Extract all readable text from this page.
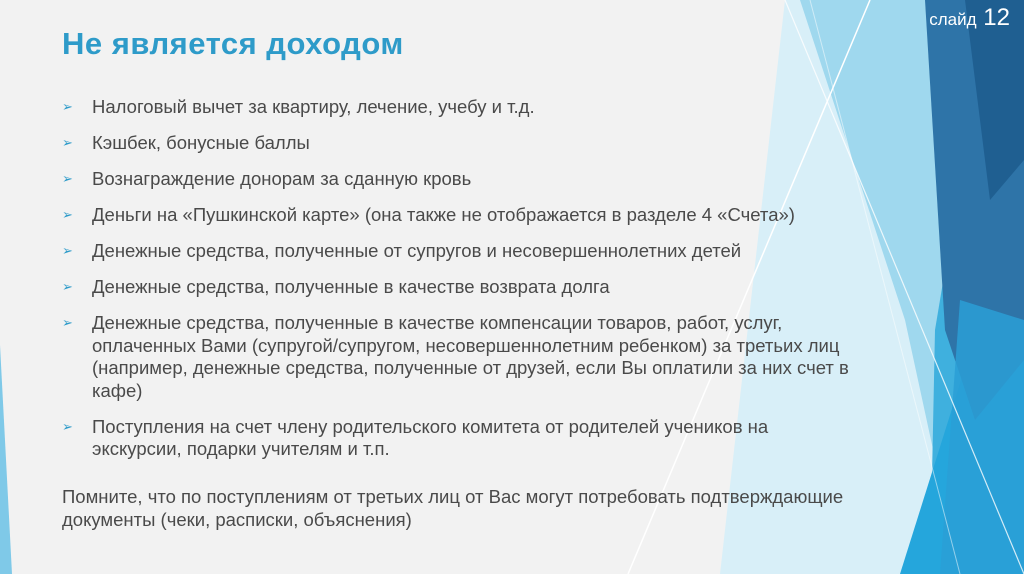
слайд 12
Не является доходом
➢ Налоговый вычет за квартиру, лечение, учебу и т.д.
➢ Кэшбек, бонусные баллы
➢ Вознаграждение донорам за сданную кровь
➢ Деньги на «Пушкинской карте» (она также не отображается в разделе 4 «Счета»)
➢ Денежные средства, полученные от супругов и несовершеннолетних детей
➢ Денежные средства, полученные в качестве возврата долга
➢ Денежные средства, полученные в качестве компенсации товаров, работ, услуг, оплаченных Вами (супругой/супругом, несовершеннолетним ребенком) за третьих лиц (например, денежные средства, полученные от друзей, если Вы оплатили за них счет в кафе)
➢ Поступления на счет члену родительского комитета от родителей учеников на экскурсии, подарки учителям и т.п.

Помните, что по поступлениям от третьих лиц от Вас могут потребовать подтверждающие документы (чеки, расписки, объяснения)
